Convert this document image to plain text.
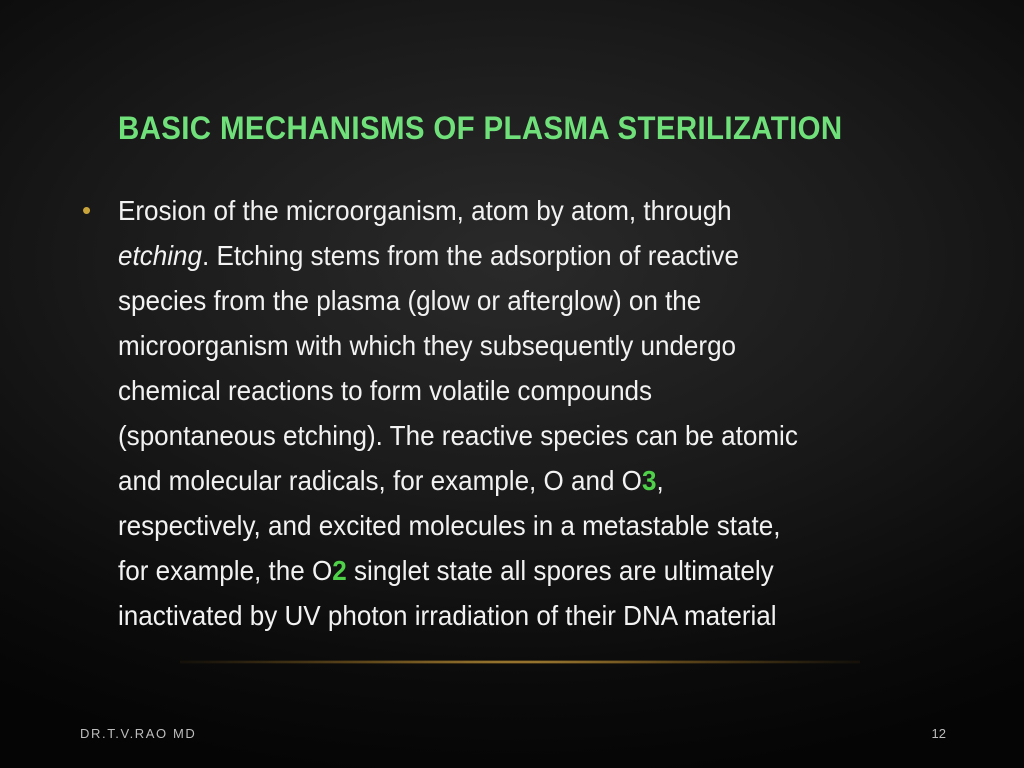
BASIC MECHANISMS OF PLASMA STERILIZATION
• Erosion of the microorganism, atom by atom, through
etching. Etching stems from the adsorption of reactive
species from the plasma (glow or afterglow) on the
microorganism with which they subsequently undergo
chemical reactions to form volatile compounds
(spontaneous etching). The reactive species can be atomic
and molecular radicals, for example, O and O3,
respectively, and excited molecules in a metastable state,
for example, the O2 singlet state all spores are ultimately
inactivated by UV photon irradiation of their DNA material
DR.T.V.RAO MD	12
